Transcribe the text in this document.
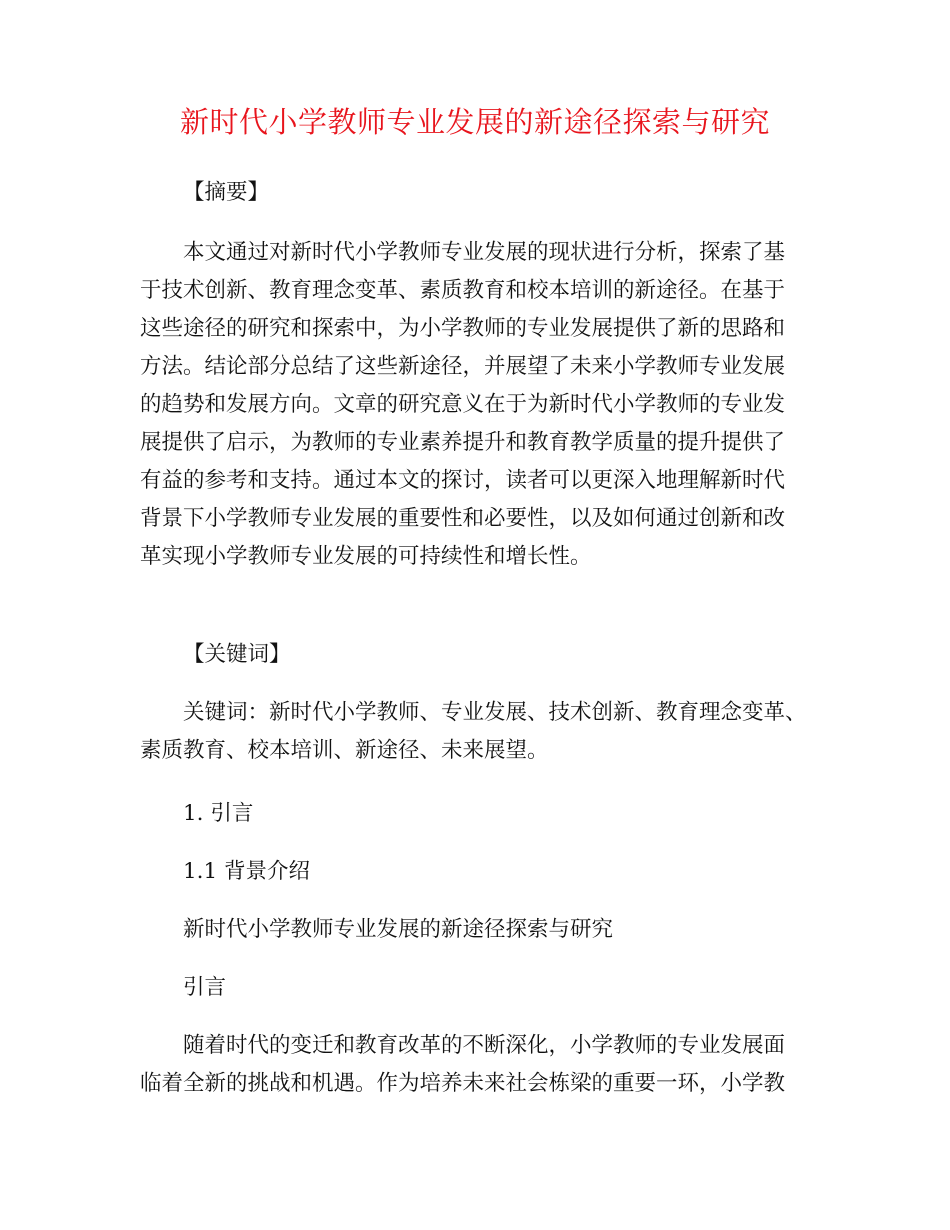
新时代小学教师专业发展的新途径探索与研究
【摘要】
本文通过对新时代小学教师专业发展的现状进行分析，探索了基
于技术创新、教育理念变革、素质教育和校本培训的新途径。在基于
这些途径的研究和探索中，为小学教师的专业发展提供了新的思路和
方法。结论部分总结了这些新途径，并展望了未来小学教师专业发展
的趋势和发展方向。文章的研究意义在于为新时代小学教师的专业发
展提供了启示，为教师的专业素养提升和教育教学质量的提升提供了
有益的参考和支持。通过本文的探讨，读者可以更深入地理解新时代
背景下小学教师专业发展的重要性和必要性，以及如何通过创新和改
革实现小学教师专业发展的可持续性和增长性。
【关键词】
关键词：新时代小学教师、专业发展、技术创新、教育理念变革、
素质教育、校本培训、新途径、未来展望。
1. 引言
1.1 背景介绍
新时代小学教师专业发展的新途径探索与研究
引言
随着时代的变迁和教育改革的不断深化，小学教师的专业发展面
临着全新的挑战和机遇。作为培养未来社会栋梁的重要一环，小学教
